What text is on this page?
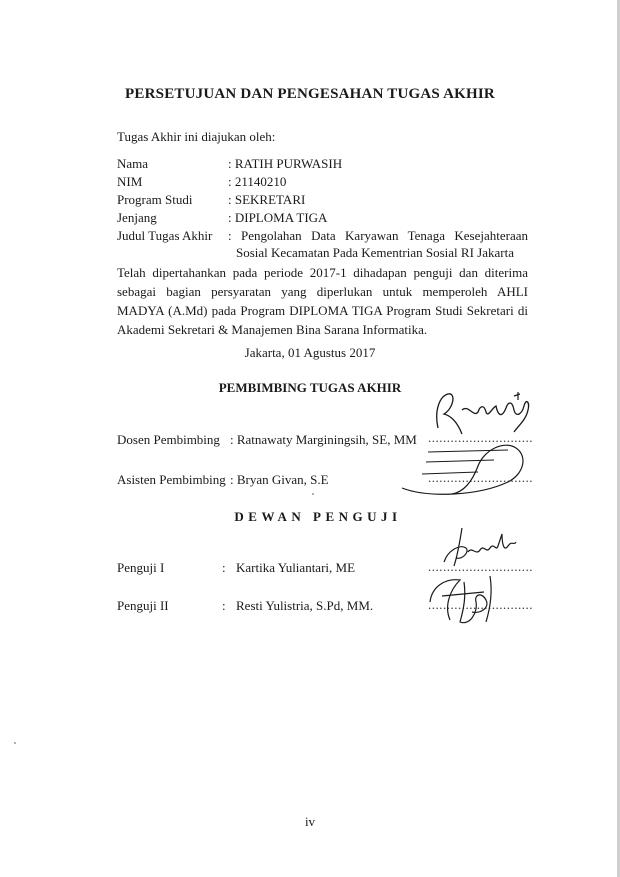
PERSETUJUAN DAN PENGESAHAN TUGAS AKHIR
Tugas Akhir ini diajukan oleh:
Nama	: RATIH PURWASIH
NIM	: 21140210
Program Studi	: SEKRETARI
Jenjang	: DIPLOMA TIGA
Judul Tugas Akhir : Pengolahan Data Karyawan Tenaga Kesejahteraan
Sosial Kecamatan Pada Kementrian Sosial RI Jakarta
Telah dipertahankan pada periode 2017-1 dihadapan penguji dan diterima sebagai bagian persyaratan yang diperlukan untuk memperoleh AHLI MADYA (A.Md) pada Program DIPLOMA TIGA Program Studi Sekretari di Akademi Sekretari & Manajemen Bina Sarana Informatika.
Jakarta, 01 Agustus 2017
PEMBIMBING TUGAS AKHIR
Dosen Pembimbing : Ratnawaty Marginingsih, SE, MM ............................
Asisten Pembimbing : Bryan Givan, S.E	............................
DEWAN PENGUJI
Penguji I	: Kartika Yuliantari, ME	............................
Penguji II	: Resti Yulistria, S.Pd, MM.	............................
iv
